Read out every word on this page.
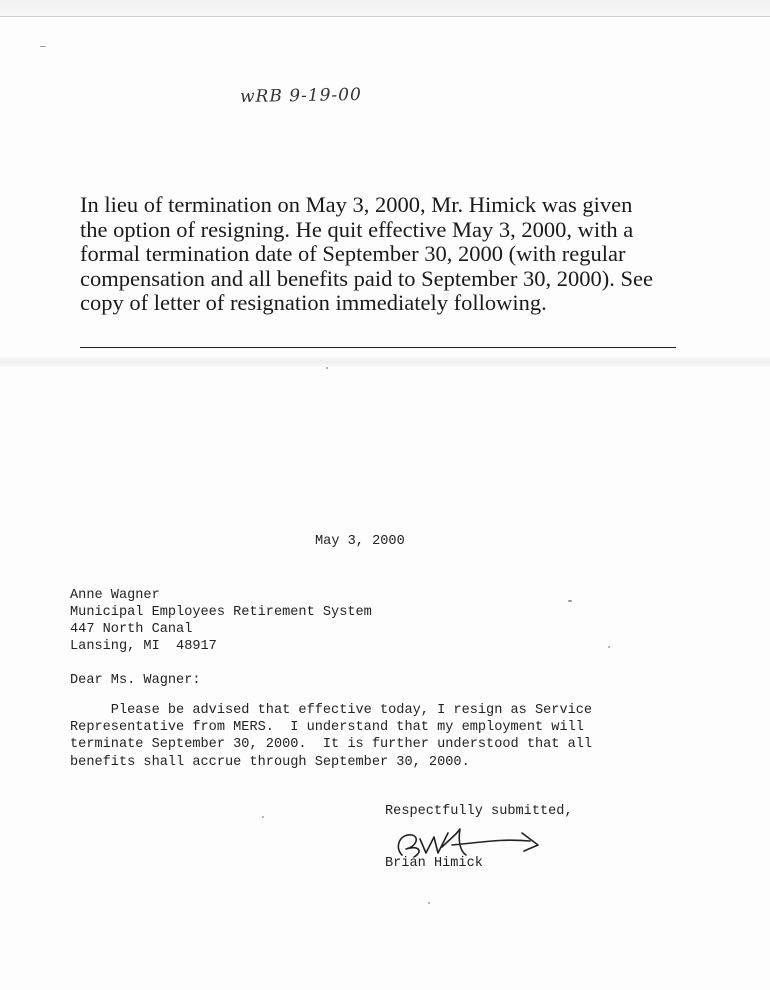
wRB 9-19-00

In lieu of termination on May 3, 2000, Mr. Himick was given

the option of resigning. He quit effective May 3, 2000, with a

formal termination date of September 30, 2000 (with regular

compensation and all benefits paid to September 30, 2000). See

copy of letter of resignation immediately following.

May 3, 2000
Anne Wagner
Municipal Employees Retirement System
447 North Canal
Lansing, MI  48917
Dear Ms. Wagner:
Please be advised that effective today, I resign as Service
Representative from MERS.  I understand that my employment will
terminate September 30, 2000.  It is further understood that all
benefits shall accrue through September 30, 2000.
Respectfully submitted,
Brian Himick
